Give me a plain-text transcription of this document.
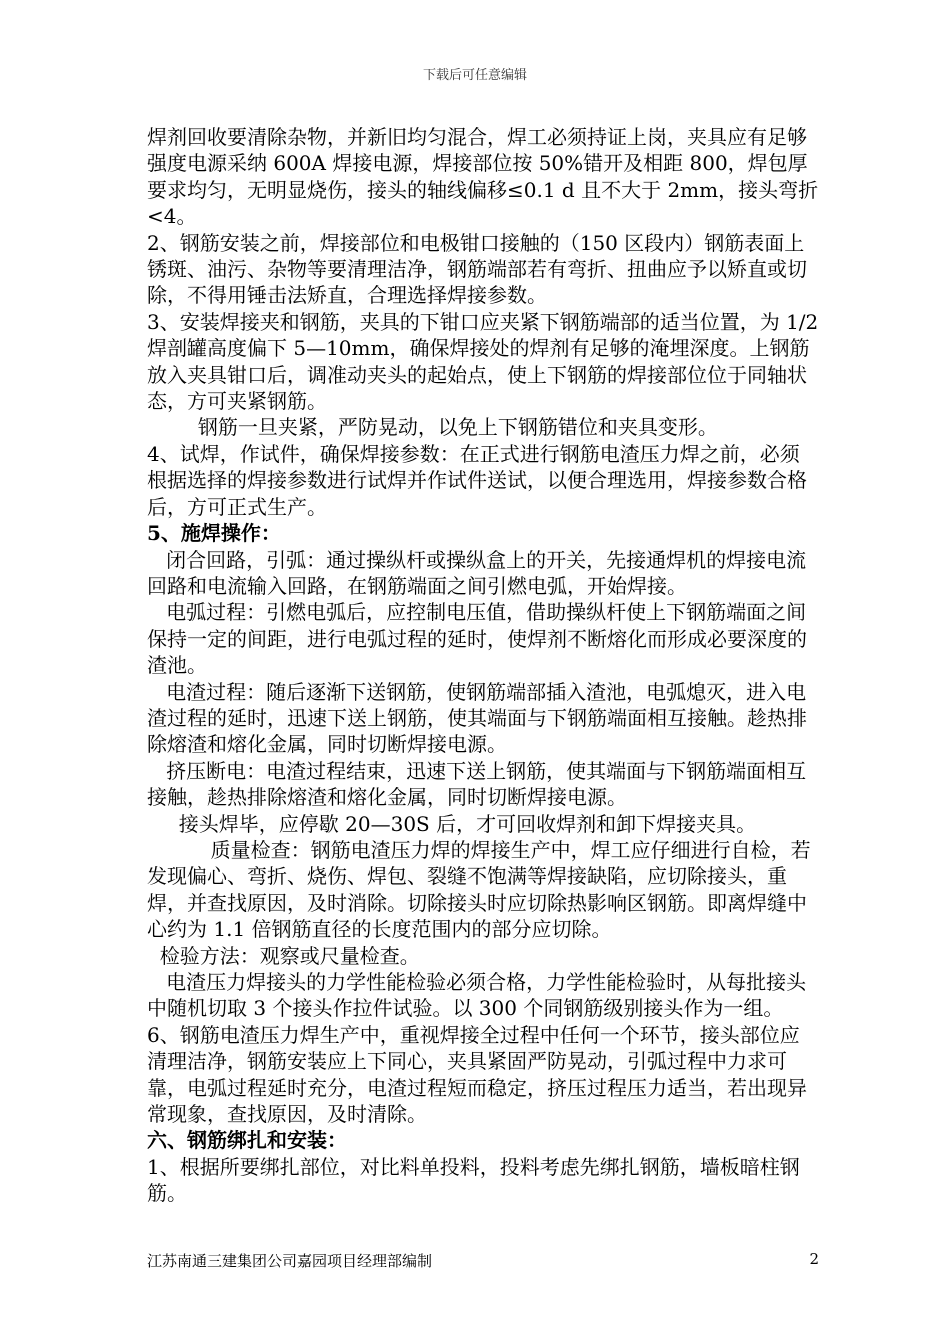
下载后可任意编辑

焊剂回收要清除杂物，并新旧均匀混合，焊工必须持证上岗，夹具应有足够强度电源采纳 600A 焊接电源，焊接部位按 50%错开及相距 800，焊包厚要求均匀，无明显烧伤，接头的轴线偏移≤0.1 d 且不大于 2mm，接头弯折<4。

2、钢筋安装之前，焊接部位和电极钳口接触的（150 区段内）钢筋表面上锈斑、油污、杂物等要清理洁净，钢筋端部若有弯折、扭曲应予以矫直或切除，不得用锤击法矫直，合理选择焊接参数。

3、安装焊接夹和钢筋，夹具的下钳口应夹紧下钢筋端部的适当位置，为 1/2 焊剖罐高度偏下 5—10mm，确保焊接处的焊剂有足够的淹埋深度。上钢筋放入夹具钳口后，调准动夹头的起始点，使上下钢筋的焊接部位位于同轴状态，方可夹紧钢筋。

钢筋一旦夹紧，严防晃动，以免上下钢筋错位和夹具变形。

4、试焊，作试件，确保焊接参数：在正式进行钢筋电渣压力焊之前，必须根据选择的焊接参数进行试焊并作试件送试，以便合理选用，焊接参数合格后，方可正式生产。

5、施焊操作：

闭合回路，引弧：通过操纵杆或操纵盒上的开关，先接通焊机的焊接电流回路和电流输入回路，在钢筋端面之间引燃电弧，开始焊接。

电弧过程：引燃电弧后，应控制电压值，借助操纵杆使上下钢筋端面之间保持一定的间距，进行电弧过程的延时，使焊剂不断熔化而形成必要深度的渣池。

电渣过程：随后逐渐下送钢筋，使钢筋端部插入渣池，电弧熄灭，进入电渣过程的延时，迅速下送上钢筋，使其端面与下钢筋端面相互接触。趁热排除熔渣和熔化金属，同时切断焊接电源。

挤压断电：电渣过程结束，迅速下送上钢筋，使其端面与下钢筋端面相互接触，趁热排除熔渣和熔化金属，同时切断焊接电源。

接头焊毕，应停歇 20—30S 后，才可回收焊剂和卸下焊接夹具。

质量检查：钢筋电渣压力焊的焊接生产中，焊工应仔细进行自检，若发现偏心、弯折、烧伤、焊包、裂缝不饱满等焊接缺陷，应切除接头，重焊，并查找原因，及时消除。切除接头时应切除热影响区钢筋。即离焊缝中心约为 1.1 倍钢筋直径的长度范围内的部分应切除。

检验方法：观察或尺量检查。

电渣压力焊接头的力学性能检验必须合格，力学性能检验时，从每批接头中随机切取 3 个接头作拉件试验。以 300 个同钢筋级别接头作为一组。

6、钢筋电渣压力焊生产中，重视焊接全过程中任何一个环节，接头部位应清理洁净，钢筋安装应上下同心，夹具紧固严防晃动，引弧过程中力求可靠，电弧过程延时充分，电渣过程短而稳定，挤压过程压力适当，若出现异常现象，查找原因，及时清除。

六、钢筋绑扎和安装：

1、根据所要绑扎部位，对比料单投料，投料考虑先绑扎钢筋，墙板暗柱钢筋。

江苏南通三建集团公司嘉园项目经理部编制	2
